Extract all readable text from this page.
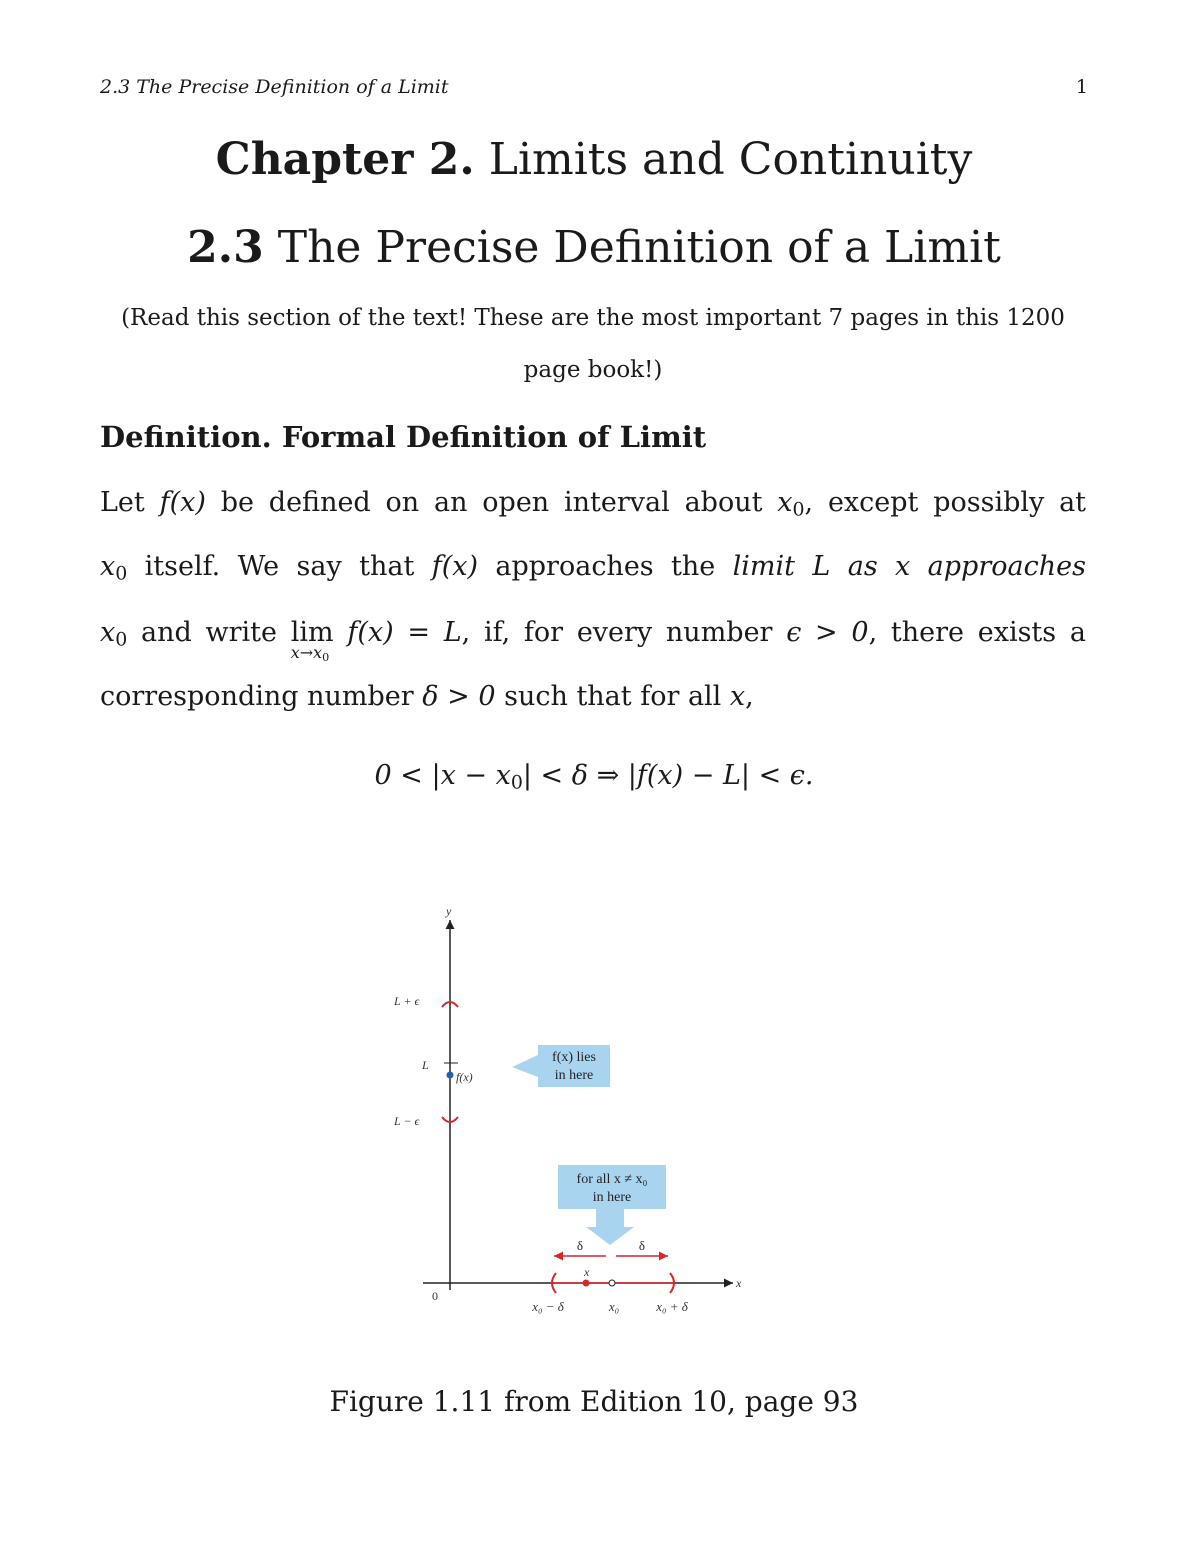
2.3 The Precise Definition of a Limit	1
Chapter 2. Limits and Continuity
2.3 The Precise Definition of a Limit
(Read this section of the text! These are the most important 7 pages in this 1200 page book!)
Definition. Formal Definition of Limit
Let f(x) be defined on an open interval about $x_0$, except possibly at
$x_0$ itself. We say that f(x) approaches the limit L as x approaches
$x_0$ and write lim
$x\to x_0$
f(x) = L, if, for every number ϵ > 0, there exists a
corresponding number δ > 0 such that for all x,
$0 < |x - x_0| < \delta$ ⇒ |f(x) − L| < ϵ.
y
x
0
L + ϵ
L
L − ϵ
f(x)
f(x) lies
in here
for all x ≠ x₀
in here
δ	δ
x
x₀ − δ	x₀	x₀ + δ
Figure 1.11 from Edition 10, page 93
